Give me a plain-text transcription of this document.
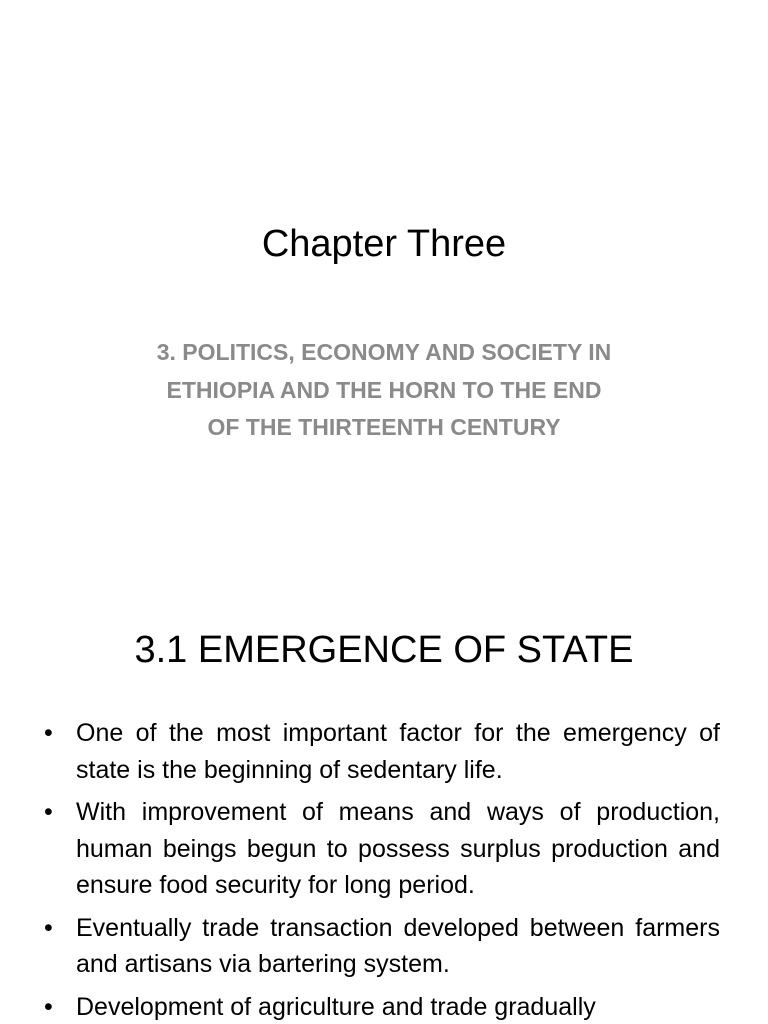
Chapter Three
3. POLITICS, ECONOMY AND SOCIETY IN
ETHIOPIA AND THE HORN TO THE END
OF THE THIRTEENTH CENTURY
3.1 EMERGENCE OF STATE
• One of the most important factor for the emergency of state is the beginning of sedentary life.
• With improvement of means and ways of production, human beings begun to possess surplus production and ensure food security for long period.
• Eventually trade transaction developed between farmers and artisans via bartering system.
• Development of agriculture and trade gradually
